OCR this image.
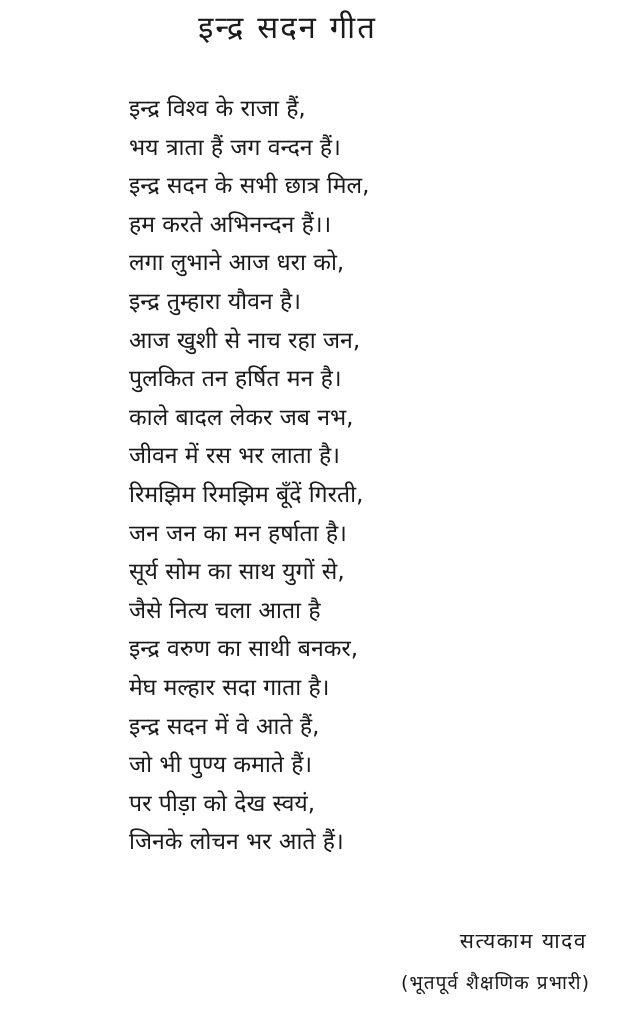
इन्द्र सदन गीत
इन्द्र विश्व के राजा हैं,
भय त्राता हैं जग वन्दन हैं।
इन्द्र सदन के सभी छात्र मिल,
हम करते अभिनन्दन हैं।।
लगा लुभाने आज धरा को,
इन्द्र तुम्हारा यौवन है।
आज खुशी से नाच रहा जन,
पुलकित तन हर्षित मन है।
काले बादल लेकर जब नभ,
जीवन में रस भर लाता है।
रिमझिम रिमझिम बूँदें गिरती,
जन जन का मन हर्षाता है।
सूर्य सोम का साथ युगों से,
जैसे नित्य चला आता है
इन्द्र वरुण का साथी बनकर,
मेघ मल्हार सदा गाता है।
इन्द्र सदन में वे आते हैं,
जो भी पुण्य कमाते हैं।
पर पीड़ा को देख स्वयं,
जिनके लोचन भर आते हैं।
सत्यकाम यादव
(भूतपूर्व शैक्षणिक प्रभारी)
